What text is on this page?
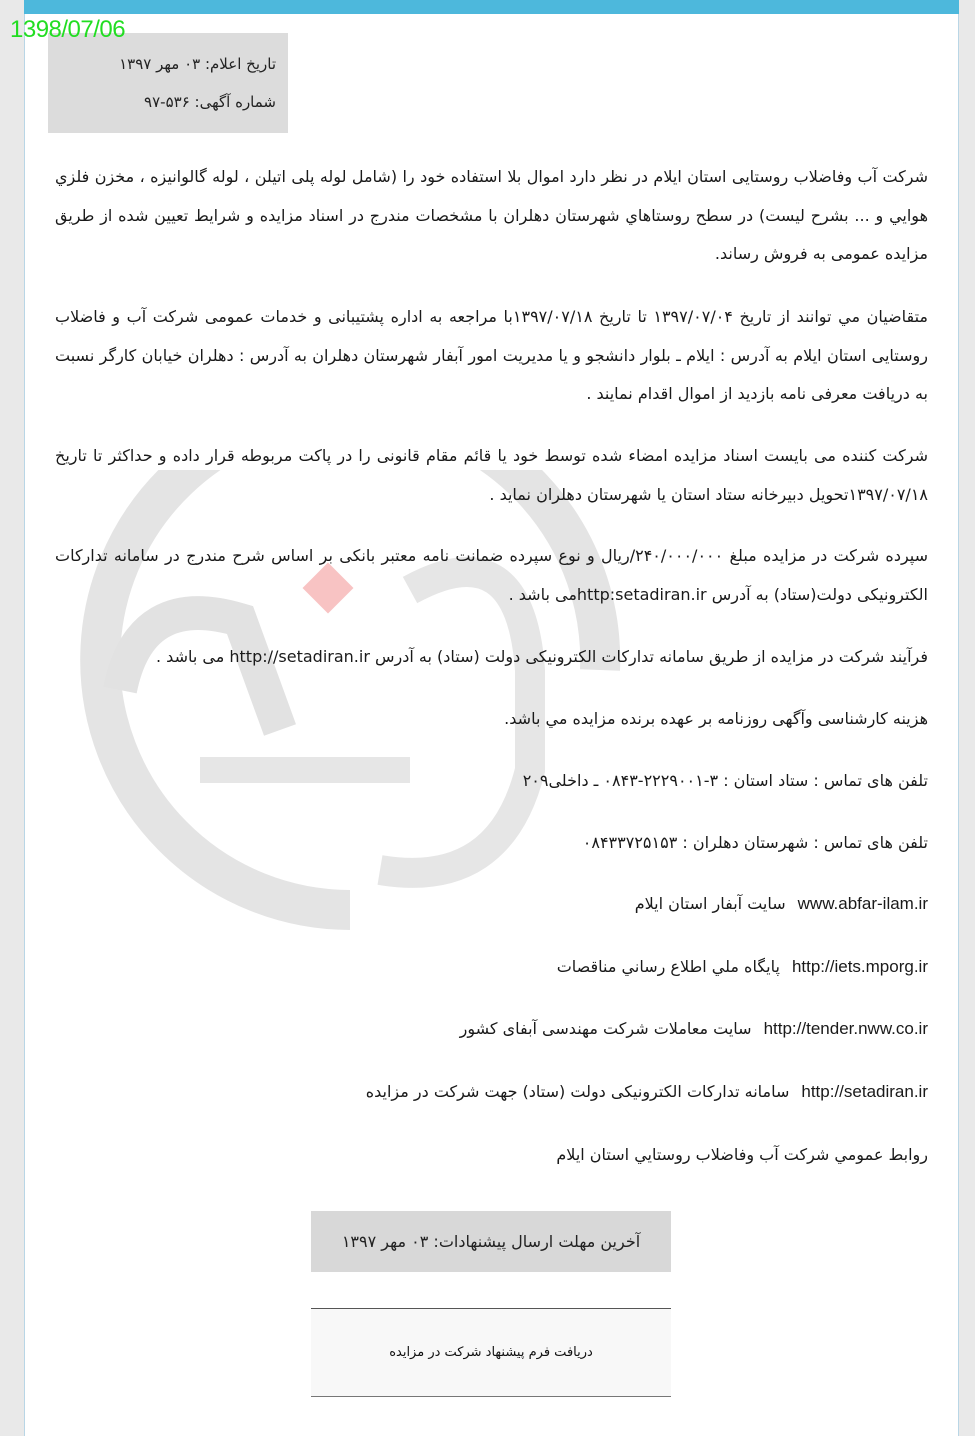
1398/07/06
تاریخ اعلام: ۰۳ مهر ۱۳۹۷
شماره آگهی: ۵۳۶-۹۷
شرکت آب وفاضلاب روستایی استان ایلام در نظر دارد اموال بلا استفاده خود را (شامل لوله پلی اتیلن ، لوله گالوانیزه ، مخزن فلزي هوايي و ... بشرح لیست) در سطح روستاهاي شهرستان دهلران با مشخصات مندرج در اسناد مزايده و شرايط تعيين شده از طريق مزايده عمومی به فروش رساند.
متقاضيان مي توانند از تاريخ ۱۳۹۷/۰۷/۰۴ تا تاريخ ۱۳۹۷/۰۷/۱۸با مراجعه به اداره پشتیبانی و خدمات عمومی شرکت آب و فاضلاب روستایی استان ايلام به آدرس : ایلام ـ بلوار دانشجو و یا مدیریت امور آبفار شهرستان دهلران به آدرس : دهلران خیابان کارگر نسبت به دريافت معرفی نامه بازدید از اموال اقدام نمايند .
شرکت کننده می بایست اسناد مزایده امضاء شده توسط خود یا قائم مقام قانونی را در پاکت مربوطه قرار داده و حداکثر تا تاریخ ۱۳۹۷/۰۷/۱۸تحویل دبیرخانه ستاد استان یا شهرستان دهلران نماید .
سپرده شرکت در مزایده مبلغ ۲۴۰/۰۰۰/۰۰۰/ریال و نوع سپرده ضمانت نامه معتبر بانکی بر اساس شرح مندرج در سامانه تدارکات الکترونیکی دولت(ستاد) به آدرس http:setadiran.irمی باشد .
فرآيند شرکت در مزايده از طريق سامانه تدارکات الکترونیکی دولت (ستاد) به آدرس http://setadiran.ir می باشد .
هزينه کارشناسی وآگهی روزنامه بر عهده برنده مزايده مي باشد.
تلفن های تماس : ستاد استان : ۳-۲۲۲۹۰۰۱-۰۸۴۳ ـ داخلی۲۰۹
تلفن های تماس : شهرستان دهلران : ۰۸۴۳۳۷۲۵۱۵۳
www.abfar-ilam.irسایت آبفار استان ایلام
http://iets.mporg.irپايگاه ملي اطلاع رساني مناقصات
http://tender.nww.co.irسایت معاملات شرکت مهندسی آبفای کشور
http://setadiran.irسامانه تدارکات الکترونیکی دولت (ستاد) جهت شرکت در مزایده
روابط عمومي شركت آب وفاضلاب روستايي استان ايلام
آخرین مهلت ارسال پیشنهادات: ۰۳ مهر ۱۳۹۷
دریافت فرم پیشنهاد شرکت در مزایده
